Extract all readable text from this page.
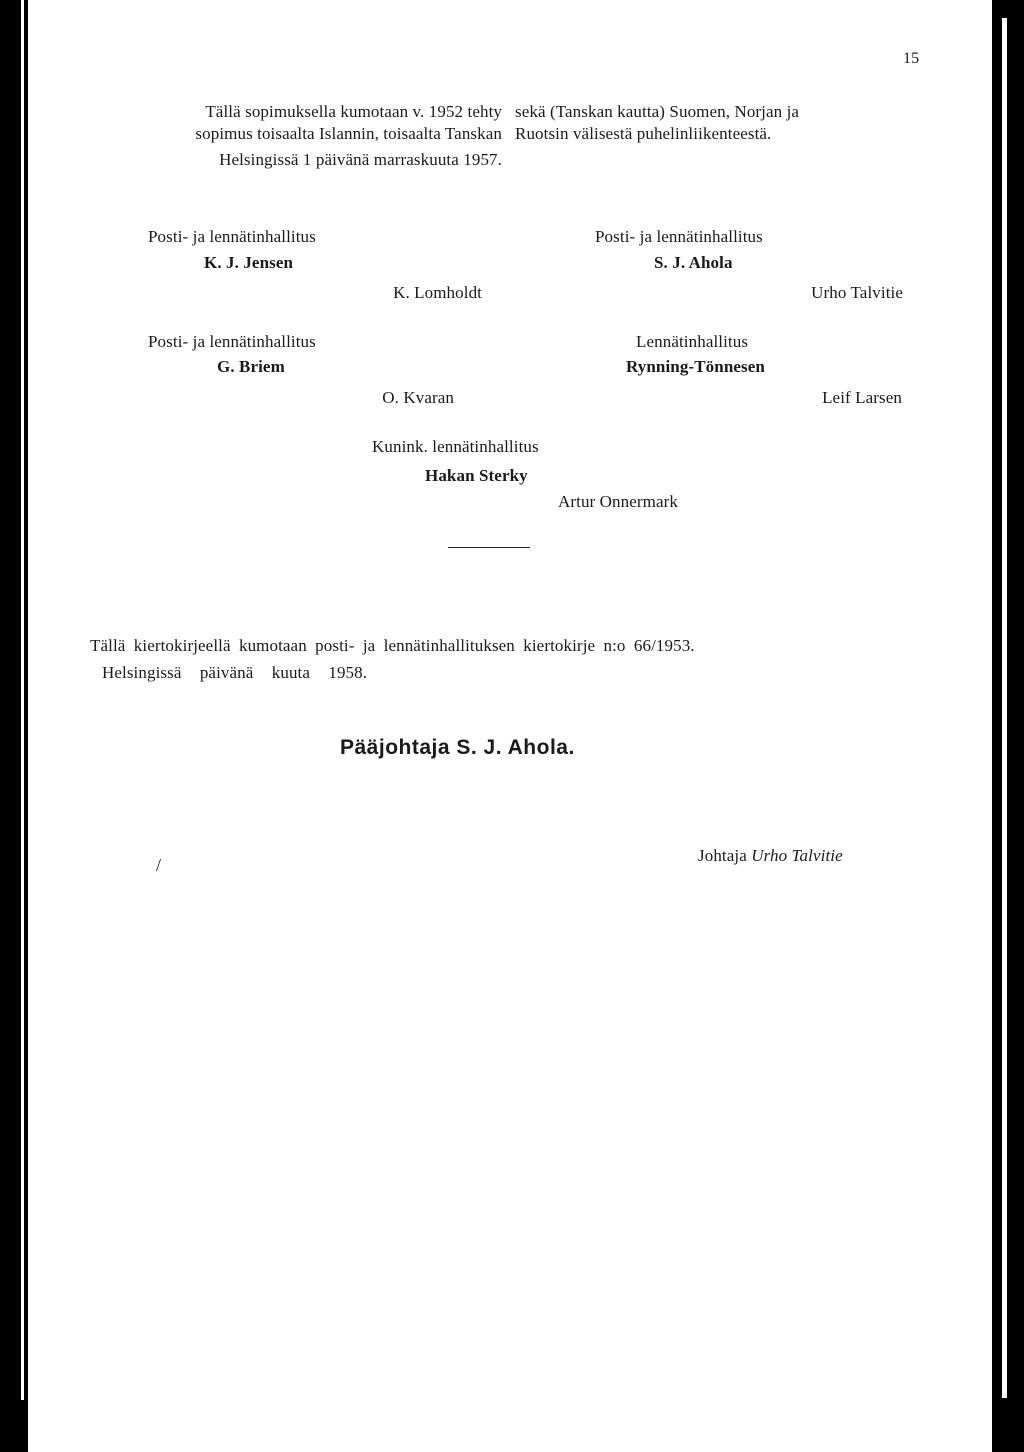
15
Tällä sopimuksella kumotaan v. 1952 tehty
sopimus toisaalta Islannin, toisaalta Tanskan
Helsingissä 1 päivänä marraskuuta 1957.
sekä (Tanskan kautta) Suomen, Norjan ja
Ruotsin välisestä puhelinliikenteestä.
Posti- ja lennätinhallitus
K. J. Jensen
K. Lomholdt
Posti- ja lennätinhallitus
S. J. Ahola
Urho Talvitie
Posti- ja lennätinhallitus
G. Briem
O. Kvaran
Lennätinhallitus
Rynning-Tönnesen
Leif Larsen
Kunink. lennätinhallitus
Hakan Sterky
Artur Onnermark
Tällä kiertokirjeellä kumotaan posti- ja lennätinhallituksen kiertokirje n:o 66/1953.
Helsingissä päivänä kuuta 1958.
Pääjohtaja S. J. Ahola.
/	Johtaja Urho Talvitie
